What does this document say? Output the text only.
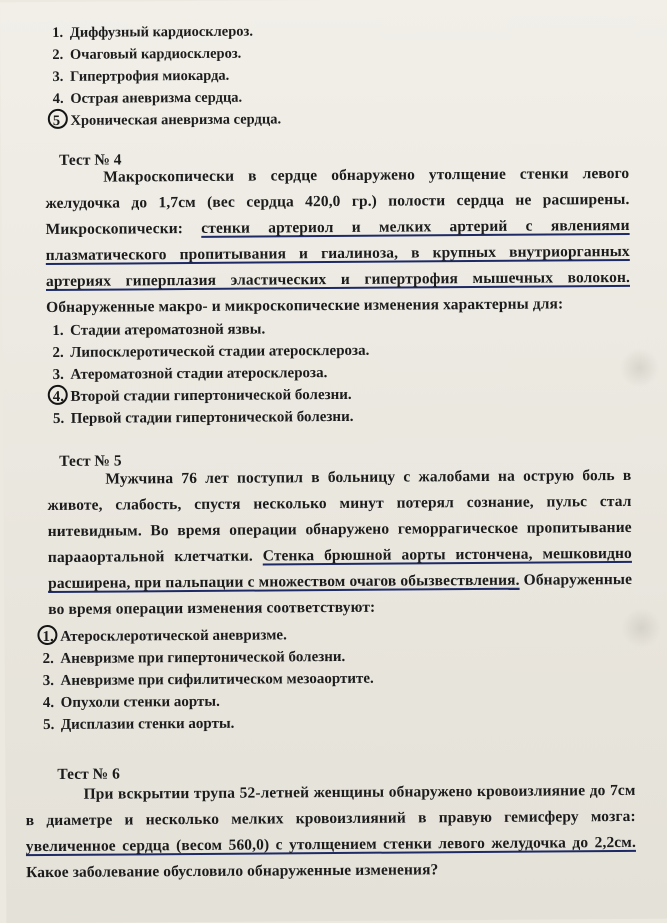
1. Диффузный кардиосклероз.
2. Очаговый кардиосклероз.
3. Гипертрофия миокарда.
4. Острая аневризма сердца.
5 Хроническая аневризма сердца.
Тест № 4
Макроскопически в сердце обнаружено утолщение стенки левого желудочка до 1,7см (вес сердца 420,0 гр.) полости сердца не расширены. Микроскопически: стенки артериол и мелких артерий с явлениями плазматического пропитывания и гиалиноза, в крупных внутриорганных артериях гиперплазия эластических и гипертрофия мышечных волокон. Обнаруженные макро- и микроскопические изменения характерны для:
1. Стадии атероматозной язвы.
2. Липосклеротической стадии атеросклероза.
3. Атероматозной стадии атеросклероза.
4. Второй стадии гипертонической болезни.
5. Первой стадии гипертонической болезни.
Тест № 5
Мужчина 76 лет поступил в больницу с жалобами на острую боль в животе, слабость, спустя несколько минут потерял сознание, пульс стал нитевидным. Во время операции обнаружено геморрагическое пропитывание парааортальной клетчатки. Стенка брюшной аорты истончена, мешковидно расширена, при пальпации с множеством очагов обызвествления. Обнаруженные во время операции изменения соответствуют:
1. Атеросклеротической аневризме.
2. Аневризме при гипертонической болезни.
3. Аневризме при сифилитическом мезоаортите.
4. Опухоли стенки аорты.
5. Дисплазии стенки аорты.
Тест № 6
При вскрытии трупа 52-летней женщины обнаружено кровоизлияние до 7см в диаметре и несколько мелких кровоизлияний в правую гемисферу мозга: увеличенное сердца (весом 560,0) с утолщением стенки левого желудочка до 2,2см. Какое заболевание обусловило обнаруженные изменения?
